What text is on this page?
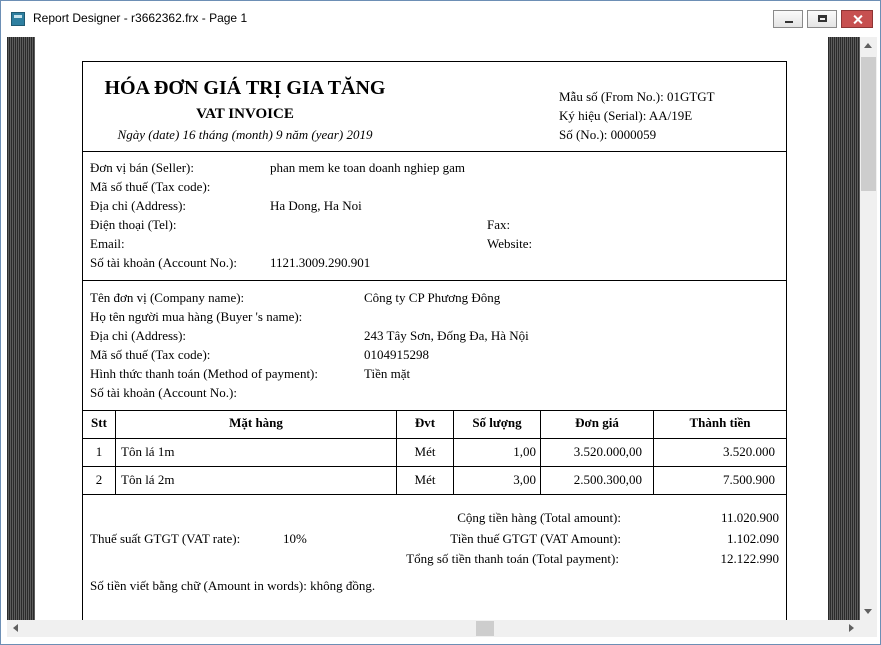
Report Designer - r3662362.frx - Page 1
HÓA ĐƠN GIÁ TRỊ GIA TĂNG
VAT INVOICE
Ngày (date) 16 tháng (month) 9 năm (year) 2019
Mẫu số (From No.): 01GTGT
Ký hiệu (Serial): AA/19E
Số (No.): 0000059
Đơn vị bán (Seller):	phan mem ke toan doanh nghiep gam
Mã số thuế (Tax code):
Địa chỉ (Address):	Ha Dong, Ha Noi
Điện thoại (Tel):	Fax:
Email:	Website:
Số tài khoản (Account No.):	1121.3009.290.901
Tên đơn vị (Company name):	Công ty CP Phương Đông
Họ tên người mua hàng (Buyer 's name):
Địa chỉ (Address):	243 Tây Sơn, Đống Đa, Hà Nội
Mã số thuế (Tax code):	0104915298
Hình thức thanh toán (Method of payment):	Tiền mặt
Số tài khoản (Account No.):
Stt	Mặt hàng	Đvt	Số lượng	Đơn giá	Thành tiền
1	Tôn lá 1m	Mét	1,00	3.520.000,00	3.520.000
2	Tôn lá 2m	Mét	3,00	2.500.300,00	7.500.900
Cộng tiền hàng (Total amount):	11.020.900
Thuế suất GTGT (VAT rate):	10%	Tiền thuế GTGT (VAT Amount):	1.102.090
Tổng số tiền thanh toán (Total payment):	12.122.990
Số tiền viết bằng chữ (Amount in words): không đồng.
